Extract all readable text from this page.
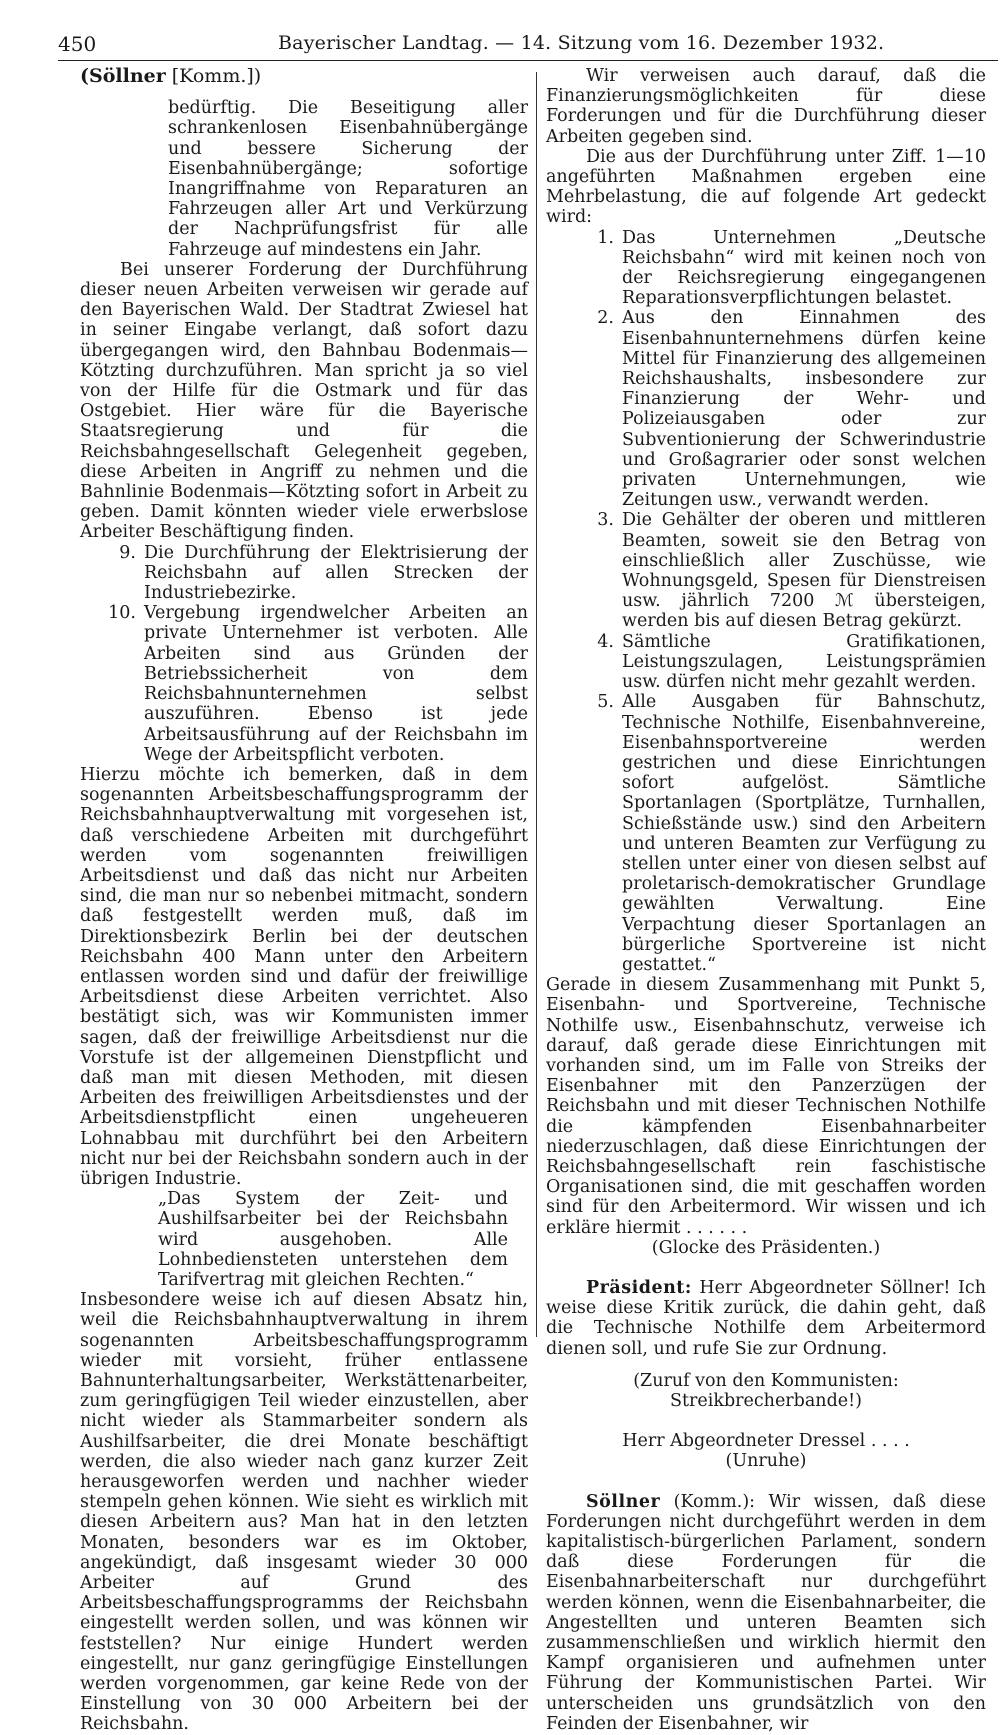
450	Bayerischer Landtag. — 14. Sitzung vom 16. Dezember 1932.

(Söllner [Komm.])

bedürftig. Die Beseitigung aller schrankenlosen Eisenbahnübergänge und bessere Sicherung der Eisenbahnübergänge; sofortige Inangriffnahme von Reparaturen an Fahrzeugen aller Art und Verkürzung der Nachprüfungsfrist für alle Fahrzeuge auf mindestens ein Jahr.

Bei unserer Forderung der Durchführung dieser neuen Arbeiten verweisen wir gerade auf den Bayerischen Wald. Der Stadtrat Zwiesel hat in seiner Eingabe verlangt, daß sofort dazu übergegangen wird, den Bahnbau Bodenmais—Kötzting durchzuführen. Man spricht ja so viel von der Hilfe für die Ostmark und für das Ostgebiet. Hier wäre für die Bayerische Staatsregierung und für die Reichsbahngesellschaft Gelegenheit gegeben, diese Arbeiten in Angriff zu nehmen und die Bahnlinie Bodenmais—Kötzting sofort in Arbeit zu geben. Damit könnten wieder viele erwerbslose Arbeiter Beschäftigung finden.

9. Die Durchführung der Elektrisierung der Reichsbahn auf allen Strecken der Industriebezirke.
10. Vergebung irgendwelcher Arbeiten an private Unternehmer ist verboten. Alle Arbeiten sind aus Gründen der Betriebssicherheit von dem Reichsbahnunternehmen selbst auszuführen. Ebenso ist jede Arbeitsausführung auf der Reichsbahn im Wege der Arbeitspflicht verboten.

Hierzu möchte ich bemerken, daß in dem sogenannten Arbeitsbeschaffungsprogramm der Reichsbahnhauptverwaltung mit vorgesehen ist, daß verschiedene Arbeiten mit durchgeführt werden vom sogenannten freiwilligen Arbeitsdienst und daß das nicht nur Arbeiten sind, die man nur so nebenbei mitmacht, sondern daß festgestellt werden muß, daß im Direktionsbezirk Berlin bei der deutschen Reichsbahn 400 Mann unter den Arbeitern entlassen worden sind und dafür der freiwillige Arbeitsdienst diese Arbeiten verrichtet. Also bestätigt sich, was wir Kommunisten immer sagen, daß der freiwillige Arbeitsdienst nur die Vorstufe ist der allgemeinen Dienstpflicht und daß man mit diesen Methoden, mit diesen Arbeiten des freiwilligen Arbeitsdienstes und der Arbeitsdienstpflicht einen ungeheueren Lohnabbau mit durchführt bei den Arbeitern nicht nur bei der Reichsbahn sondern auch in der übrigen Industrie.

„Das System der Zeit- und Aushilfsarbeiter bei der Reichsbahn wird ausgehoben. Alle Lohnbediensteten unterstehen dem Tarifvertrag mit gleichen Rechten.“

Insbesondere weise ich auf diesen Absatz hin, weil die Reichsbahnhauptverwaltung in ihrem sogenannten Arbeitsbeschaffungsprogramm wieder mit vorsieht, früher entlassene Bahnunterhaltungsarbeiter, Werkstättenarbeiter, zum geringfügigen Teil wieder einzustellen, aber nicht wieder als Stammarbeiter sondern als Aushilfsarbeiter, die drei Monate beschäftigt werden, die also wieder nach ganz kurzer Zeit herausgeworfen werden und nachher wieder stempeln gehen können. Wie sieht es wirklich mit diesen Arbeitern aus? Man hat in den letzten Monaten, besonders war es im Oktober, angekündigt, daß insgesamt wieder 30 000 Arbeiter auf Grund des Arbeitsbeschaffungsprogramms der Reichsbahn eingestellt werden sollen, und was können wir feststellen? Nur einige Hundert werden eingestellt, nur ganz geringfügige Einstellungen werden vorgenommen, gar keine Rede von der Einstellung von 30 000 Arbeitern bei der Reichsbahn.

Wir verweisen auch darauf, daß die Finanzierungsmöglichkeiten für diese Forderungen und für die Durchführung dieser Arbeiten gegeben sind.

Die aus der Durchführung unter Ziff. 1—10 angeführten Maßnahmen ergeben eine Mehrbelastung, die auf folgende Art gedeckt wird:

1. Das Unternehmen „Deutsche Reichsbahn“ wird mit keinen noch von der Reichsregierung eingegangenen Reparationsverpflichtungen belastet.
2. Aus den Einnahmen des Eisenbahnunternehmens dürfen keine Mittel für Finanzierung des allgemeinen Reichshaushalts, insbesondere zur Finanzierung der Wehr- und Polizeiausgaben oder zur Subventionierung der Schwerindustrie und Großagrarier oder sonst welchen privaten Unternehmungen, wie Zeitungen usw., verwandt werden.
3. Die Gehälter der oberen und mittleren Beamten, soweit sie den Betrag von einschließlich aller Zuschüsse, wie Wohnungsgeld, Spesen für Dienstreisen usw. jährlich 7200 ℳ übersteigen, werden bis auf diesen Betrag gekürzt.
4. Sämtliche Gratifikationen, Leistungszulagen, Leistungsprämien usw. dürfen nicht mehr gezahlt werden.
5. Alle Ausgaben für Bahnschutz, Technische Nothilfe, Eisenbahnvereine, Eisenbahnsportvereine werden gestrichen und diese Einrichtungen sofort aufgelöst. Sämtliche Sportanlagen (Sportplätze, Turnhallen, Schießstände usw.) sind den Arbeitern und unteren Beamten zur Verfügung zu stellen unter einer von diesen selbst auf proletarisch-demokratischer Grundlage gewählten Verwaltung. Eine Verpachtung dieser Sportanlagen an bürgerliche Sportvereine ist nicht gestattet.“

Gerade in diesem Zusammenhang mit Punkt 5, Eisenbahn- und Sportvereine, Technische Nothilfe usw., Eisenbahnschutz, verweise ich darauf, daß gerade diese Einrichtungen mit vorhanden sind, um im Falle von Streiks der Eisenbahner mit den Panzerzügen der Reichsbahn und mit dieser Technischen Nothilfe die kämpfenden Eisenbahnarbeiter niederzuschlagen, daß diese Einrichtungen der Reichsbahngesellschaft rein faschistische Organisationen sind, die mit geschaffen worden sind für den Arbeitermord. Wir wissen und ich erkläre hiermit . . . . . .

(Glocke des Präsidenten.)

Präsident: Herr Abgeordneter Söllner! Ich weise diese Kritik zurück, die dahin geht, daß die Technische Nothilfe dem Arbeitermord dienen soll, und rufe Sie zur Ordnung.

(Zuruf von den Kommunisten: Streikbrecherbande!)

Herr Abgeordneter Dressel . . . .

(Unruhe)

Söllner (Komm.): Wir wissen, daß diese Forderungen nicht durchgeführt werden in dem kapitalistisch-bürgerlichen Parlament, sondern daß diese Forderungen für die Eisenbahnarbeiterschaft nur durchgeführt werden können, wenn die Eisenbahnarbeiter, die Angestellten und unteren Beamten sich zusammenschließen und wirklich hiermit den Kampf organisieren und aufnehmen unter Führung der Kommunistischen Partei. Wir unterscheiden uns grundsätzlich von den Feinden der Eisenbahner, wir
